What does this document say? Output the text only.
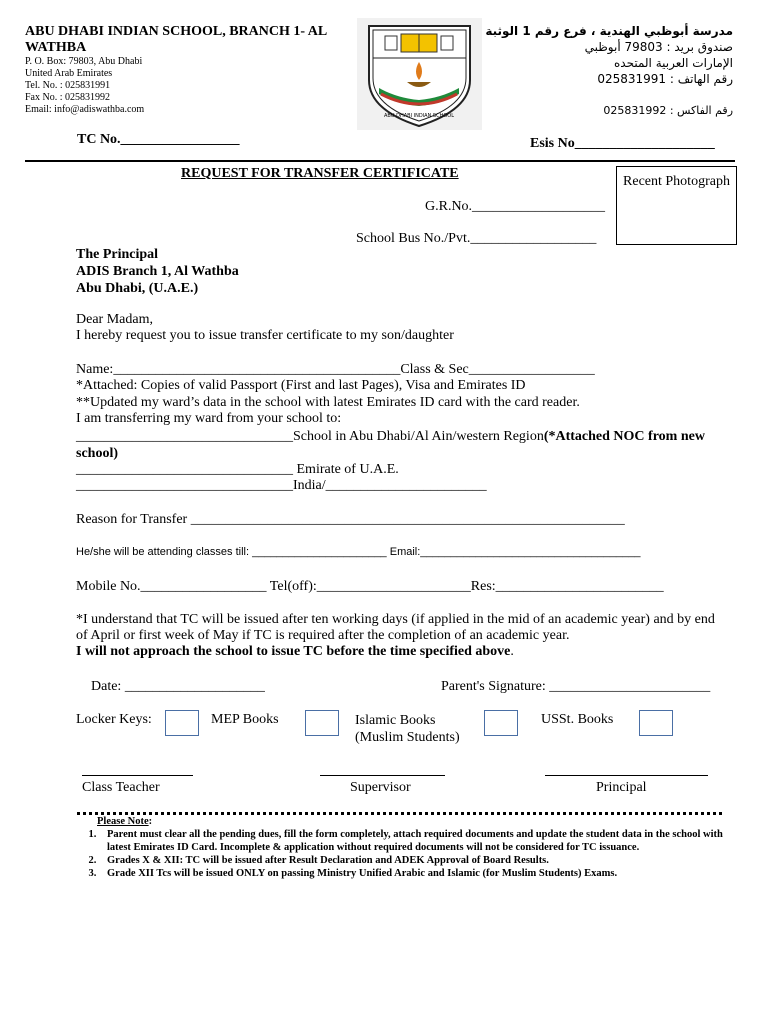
ABU DHABI INDIAN SCHOOL, BRANCH 1- AL WATHBA
P. O. Box: 79803, Abu Dhabi
United Arab Emirates
Tel. No. : 025831991
Fax No. : 025831992
Email: info@adiswathba.com
مدرسة أبوظبي الهندية ، فرع رقم 1 الوثبة
صندوق بريد : 79803 أبوظبي
الإمارات العربية المتحده
رقم الهاتف : 025831991
رقم الفاكس : 025831992
ABU DHABI INDIAN SCHOOL
TC No._________________	Esis No____________________
REQUEST FOR TRANSFER CERTIFICATE
Recent Photograph
G.R.No.___________________
School Bus No./Pvt.__________________
The Principal
ADIS Branch 1, Al Wathba
Abu Dhabi, (U.A.E.)
Dear Madam,
I hereby request you to issue transfer certificate to my son/daughter
Name:_________________________________________Class & Sec__________________
*Attached: Copies of valid Passport (First and last Pages), Visa and Emirates ID
**Updated my ward’s data in the school with latest Emirates ID card with the card reader.
I am transferring my ward from your school to:
_______________________________School in Abu Dhabi/Al Ain/western Region(*Attached NOC from new school)
_______________________________ Emirate of U.A.E.
_______________________________India/_______________________
Reason for Transfer ______________________________________________________________
He/she will be attending classes till: ______________________ Email:____________________________________
Mobile No.__________________ Tel(off):______________________Res:________________________
*I understand that TC will be issued after ten working days (if applied in the mid of an academic year) and by end of April or first week of May if TC is required after the completion of an academic year.
I will not approach the school to issue TC before the time specified above.
Date: ____________________	Parent's Signature: _______________________
Locker Keys:	MEP Books	Islamic Books
(Muslim Students)
USSt. Books
Class Teacher	Supervisor	Principal
Please Note:
1. Parent must clear all the pending dues, fill the form completely, attach required documents and update the student data in the school with latest Emirates ID Card. Incomplete & application without required documents will not be considered for TC issuance.
2. Grades X & XII: TC will be issued after Result Declaration and ADEK Approval of Board Results.
3. Grade XII Tcs will be issued ONLY on passing Ministry Unified Arabic and Islamic (for Muslim Students) Exams.
